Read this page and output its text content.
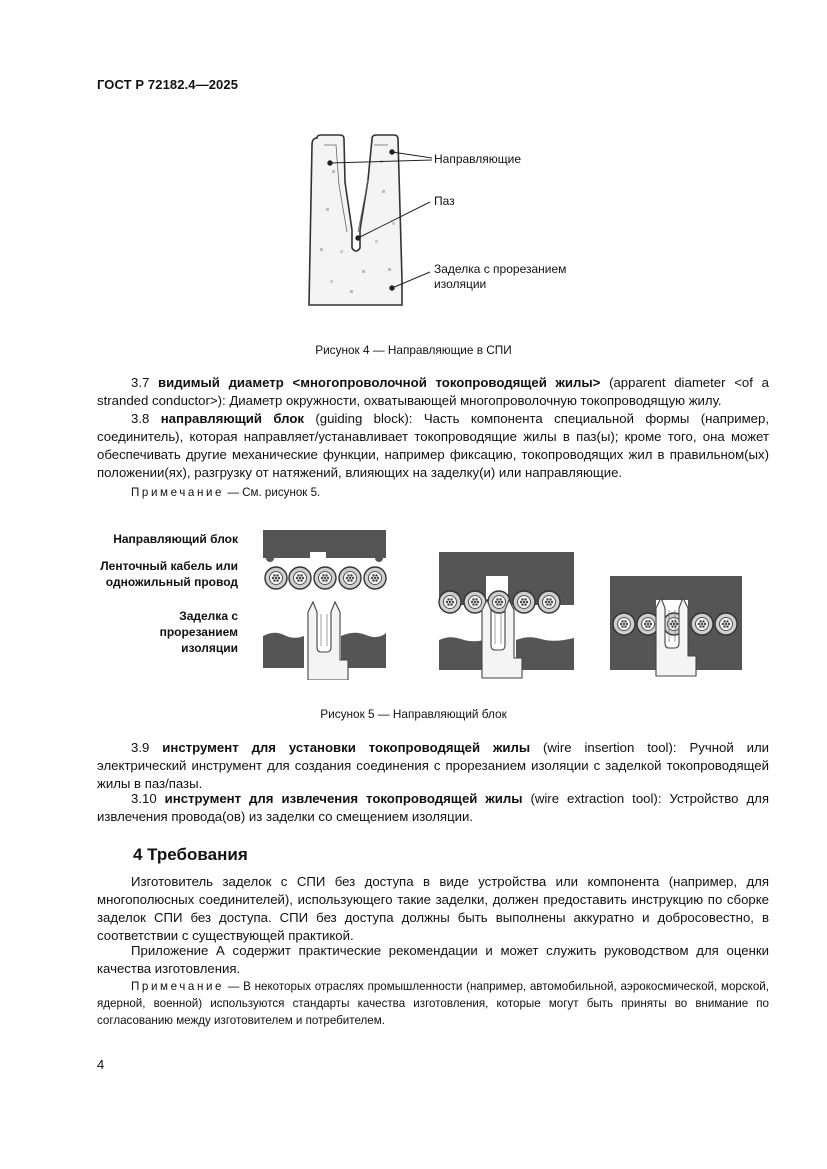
ГОСТ Р 72182.4—2025
Направляющие
Паз
Заделка с прорезанием изоляции
Рисунок 4 — Направляющие в СПИ
3.7 видимый диаметр <многопроволочной токопроводящей жилы> (apparent diameter <of a stranded conductor>): Диаметр окружности, охватывающей многопроволочную токопроводящую жилу.
3.8 направляющий блок (guiding block): Часть компонента специальной формы (например, соединитель), которая направляет/устанавливает токопроводящие жилы в паз(ы); кроме того, она может обеспечивать другие механические функции, например фиксацию, токопроводящих жил в правильном(ых) положении(ях), разгрузку от натяжений, влияющих на заделку(и) или направляющие.
Примечание — См. рисунок 5.
Направляющий блок
Ленточный кабель или одножильный провод
Заделка с прорезанием изоляции
Рисунок 5 — Направляющий блок
3.9 инструмент для установки токопроводящей жилы (wire insertion tool): Ручной или электрический инструмент для создания соединения с прорезанием изоляции с заделкой токопроводящей жилы в паз/пазы.
3.10 инструмент для извлечения токопроводящей жилы (wire extraction tool): Устройство для извлечения провода(ов) из заделки со смещением изоляции.
4 Требования
Изготовитель заделок с СПИ без доступа в виде устройства или компонента (например, для многополюсных соединителей), использующего такие заделки, должен предоставить инструкцию по сборке заделок СПИ без доступа. СПИ без доступа должны быть выполнены аккуратно и добросовестно, в соответствии с существующей практикой.
Приложение А содержит практические рекомендации и может служить руководством для оценки качества изготовления.
Примечание — В некоторых отраслях промышленности (например, автомобильной, аэрокосмической, морской, ядерной, военной) используются стандарты качества изготовления, которые могут быть приняты во внимание по согласованию между изготовителем и потребителем.
4
